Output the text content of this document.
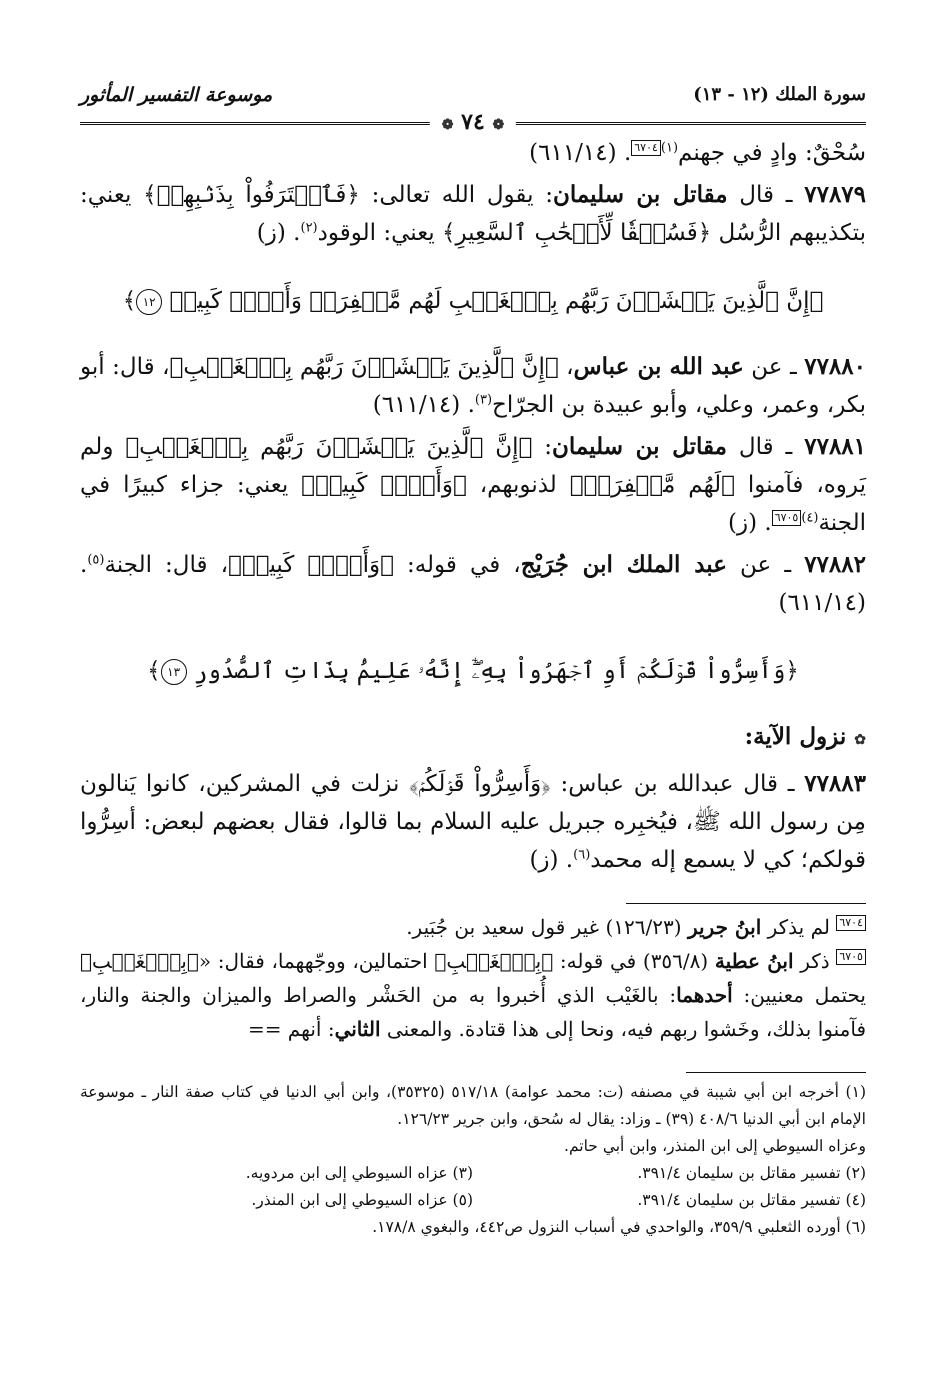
سورة الملك (١٢ - ١٣)
موسوعة التفسير المأثور
❁ ٧٤ ❁

سُحْقٌ: وادٍ في جهنم$^{(١)}$٦٧٠٤. (٦١١/١٤)

٧٧٨٧٩ ـ قال مقاتل بن سليمان: يقول الله تعالى: ﴿فَٱعۡتَرَفُواْ بِذَنۢبِهِمۡ﴾ يعني: بتكذيبهم الرُّسُل ﴿فَسُحۡقٗا لِّأَصۡحَٰبِ ٱلسَّعِيرِ﴾ يعني: الوقود$^{(٢)}$. (ز)

﴿إِنَّ ٱلَّذِينَ يَخۡشَوۡنَ رَبَّهُم بِٱلۡغَيۡبِ لَهُم مَّغۡفِرَةٞ وَأَجۡرٞ كَبِيرٞ ١٢﴾

٧٧٨٨٠ ـ عن عبد الله بن عباس، ﴿إِنَّ ٱلَّذِينَ يَخۡشَوۡنَ رَبَّهُم بِٱلۡغَيۡبِ﴾، قال: أبو بكر، وعمر، وعلي، وأبو عبيدة بن الجرّاح$^{(٣)}$. (٦١١/١٤)

٧٧٨٨١ ـ قال مقاتل بن سليمان: ﴿إِنَّ ٱلَّذِينَ يَخۡشَوۡنَ رَبَّهُم بِٱلۡغَيۡبِ﴾ ولم يَروه، فآمنوا ﴿لَهُم مَّغۡفِرَةٞ﴾ لذنوبهم، ﴿وَأَجۡرٞ كَبِيرٞ﴾ يعني: جزاء كبيرًا في الجنة$^{(٤)}$٦٧٠٥. (ز)

٧٧٨٨٢ ـ عن عبد الملك ابن جُرَيْج، في قوله: ﴿وَأَجۡرٞ كَبِيرٞ﴾، قال: الجنة$^{(٥)}$. (٦١١/١٤)

﴿وَأَسِرُّواْ قَوۡلَكُمۡ أَوِ ٱجۡهَرُواْ بِهِۦٓۖ إِنَّهُۥ عَلِيمُۢ بِذَاتِ ٱلصُّدُورِ ١٣﴾
✿ نزول الآية:

٧٧٨٨٣ ـ قال عبدالله بن عباس: ﴿وَأَسِرُّواْ قَوۡلَكُمۡ﴾ نزلت في المشركين، كانوا يَنالون مِن رسول الله ﷺ، فيُخبِره جبريل عليه السلام بما قالوا، فقال بعضهم لبعض: أسِرُّوا قولكم؛ كي لا يسمع إله محمد$^{(٦)}$. (ز)

٦٧٠٤ لم يذكر ابنُ جرير (١٢٦/٢٣) غير قول سعيد بن جُبَير.

٦٧٠٥ ذكر ابنُ عطية (٣٥٦/٨) في قوله: ﴿بِٱلۡغَيۡبِ﴾ احتمالين، ووجّههما، فقال: «﴿بِٱلۡغَيۡبِ﴾ يحتمل معنيين: أحدهما: بالغَيْب الذي أُخبروا به من الحَشْر والصراط والميزان والجنة والنار، فآمنوا بذلك، وخَشوا ربهم فيه، ونحا إلى هذا قتادة. والمعنى الثاني: أنهم ==

(١) أخرجه ابن أبي شيبة في مصنفه (ت: محمد عوامة) ٥١٧/١٨ (٣٥٣٢٥)، وابن أبي الدنيا في كتاب صفة النار ـ موسوعة الإمام ابن أبي الدنيا ٤٠٨/٦ (٣٩) ـ وزاد: يقال له سُحق، وابن جرير ١٢٦/٢٣.

وعزاه السيوطي إلى ابن المنذر، وابن أبي حاتم.

(٢) تفسير مقاتل بن سليمان ٣٩١/٤.
(٣) عزاه السيوطي إلى ابن مردويه.
(٤) تفسير مقاتل بن سليمان ٣٩١/٤.
(٥) عزاه السيوطي إلى ابن المنذر.

(٦) أورده الثعلبي ٣٥٩/٩، والواحدي في أسباب النزول ص٤٤٢، والبغوي ١٧٨/٨.
